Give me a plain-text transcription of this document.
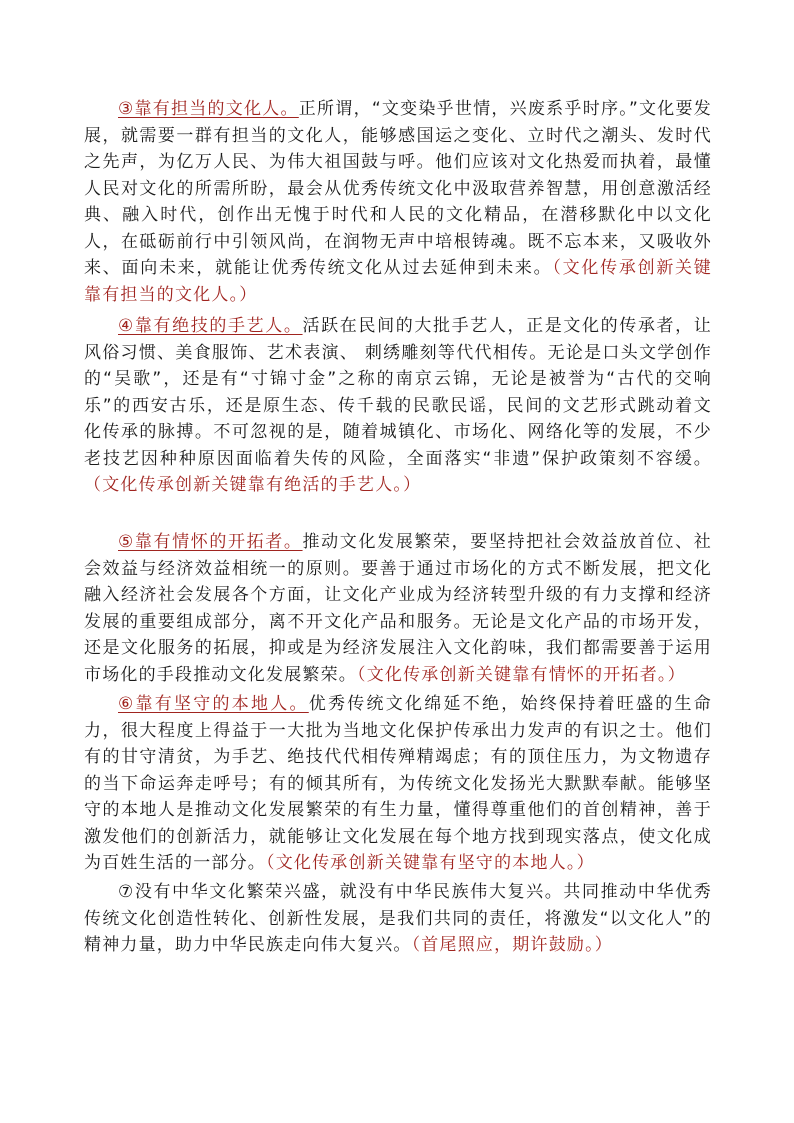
③靠有担当的文化人。正所谓，“文变染乎世情，兴废系乎时序。”文化要发展，就需要一群有担当的文化人，能够感国运之变化、立时代之潮头、发时代之先声，为亿万人民、为伟大祖国鼓与呼。他们应该对文化热爱而执着，最懂人民对文化的所需所盼，最会从优秀传统文化中汲取营养智慧，用创意激活经典、融入时代，创作出无愧于时代和人民的文化精品，在潜移默化中以文化人，在砥砺前行中引领风尚，在润物无声中培根铸魂。既不忘本来，又吸收外来、面向未来，就能让优秀传统文化从过去延伸到未来。（文化传承创新关键靠有担当的文化人。）

④靠有绝技的手艺人。活跃在民间的大批手艺人，正是文化的传承者，让风俗习惯、美食服饰、艺术表演、 刺绣雕刻等代代相传。无论是口头文学创作的“吴歌”，还是有“寸锦寸金”之称的南京云锦，无论是被誉为“古代的交响乐”的西安古乐，还是原生态、传千载的民歌民谣，民间的文艺形式跳动着文化传承的脉搏。不可忽视的是，随着城镇化、市场化、网络化等的发展，不少老技艺因种种原因面临着失传的风险，全面落实“非遗”保护政策刻不容缓。（文化传承创新关键靠有绝活的手艺人。）

⑤靠有情怀的开拓者。推动文化发展繁荣，要坚持把社会效益放首位、社会效益与经济效益相统一的原则。要善于通过市场化的方式不断发展，把文化融入经济社会发展各个方面，让文化产业成为经济转型升级的有力支撑和经济发展的重要组成部分，离不开文化产品和服务。无论是文化产品的市场开发，还是文化服务的拓展，抑或是为经济发展注入文化韵味，我们都需要善于运用市场化的手段推动文化发展繁荣。（文化传承创新关键靠有情怀的开拓者。）

⑥靠有坚守的本地人。优秀传统文化绵延不绝，始终保持着旺盛的生命力，很大程度上得益于一大批为当地文化保护传承出力发声的有识之士。他们有的甘守清贫，为手艺、绝技代代相传殚精竭虑；有的顶住压力，为文物遗存的当下命运奔走呼号；有的倾其所有，为传统文化发扬光大默默奉献。能够坚守的本地人是推动文化发展繁荣的有生力量，懂得尊重他们的首创精神，善于激发他们的创新活力，就能够让文化发展在每个地方找到现实落点，使文化成为百姓生活的一部分。（文化传承创新关键靠有坚守的本地人。）

⑦没有中华文化繁荣兴盛，就没有中华民族伟大复兴。共同推动中华优秀传统文化创造性转化、创新性发展，是我们共同的责任，将激发“以文化人”的精神力量，助力中华民族走向伟大复兴。（首尾照应，期许鼓励。）
